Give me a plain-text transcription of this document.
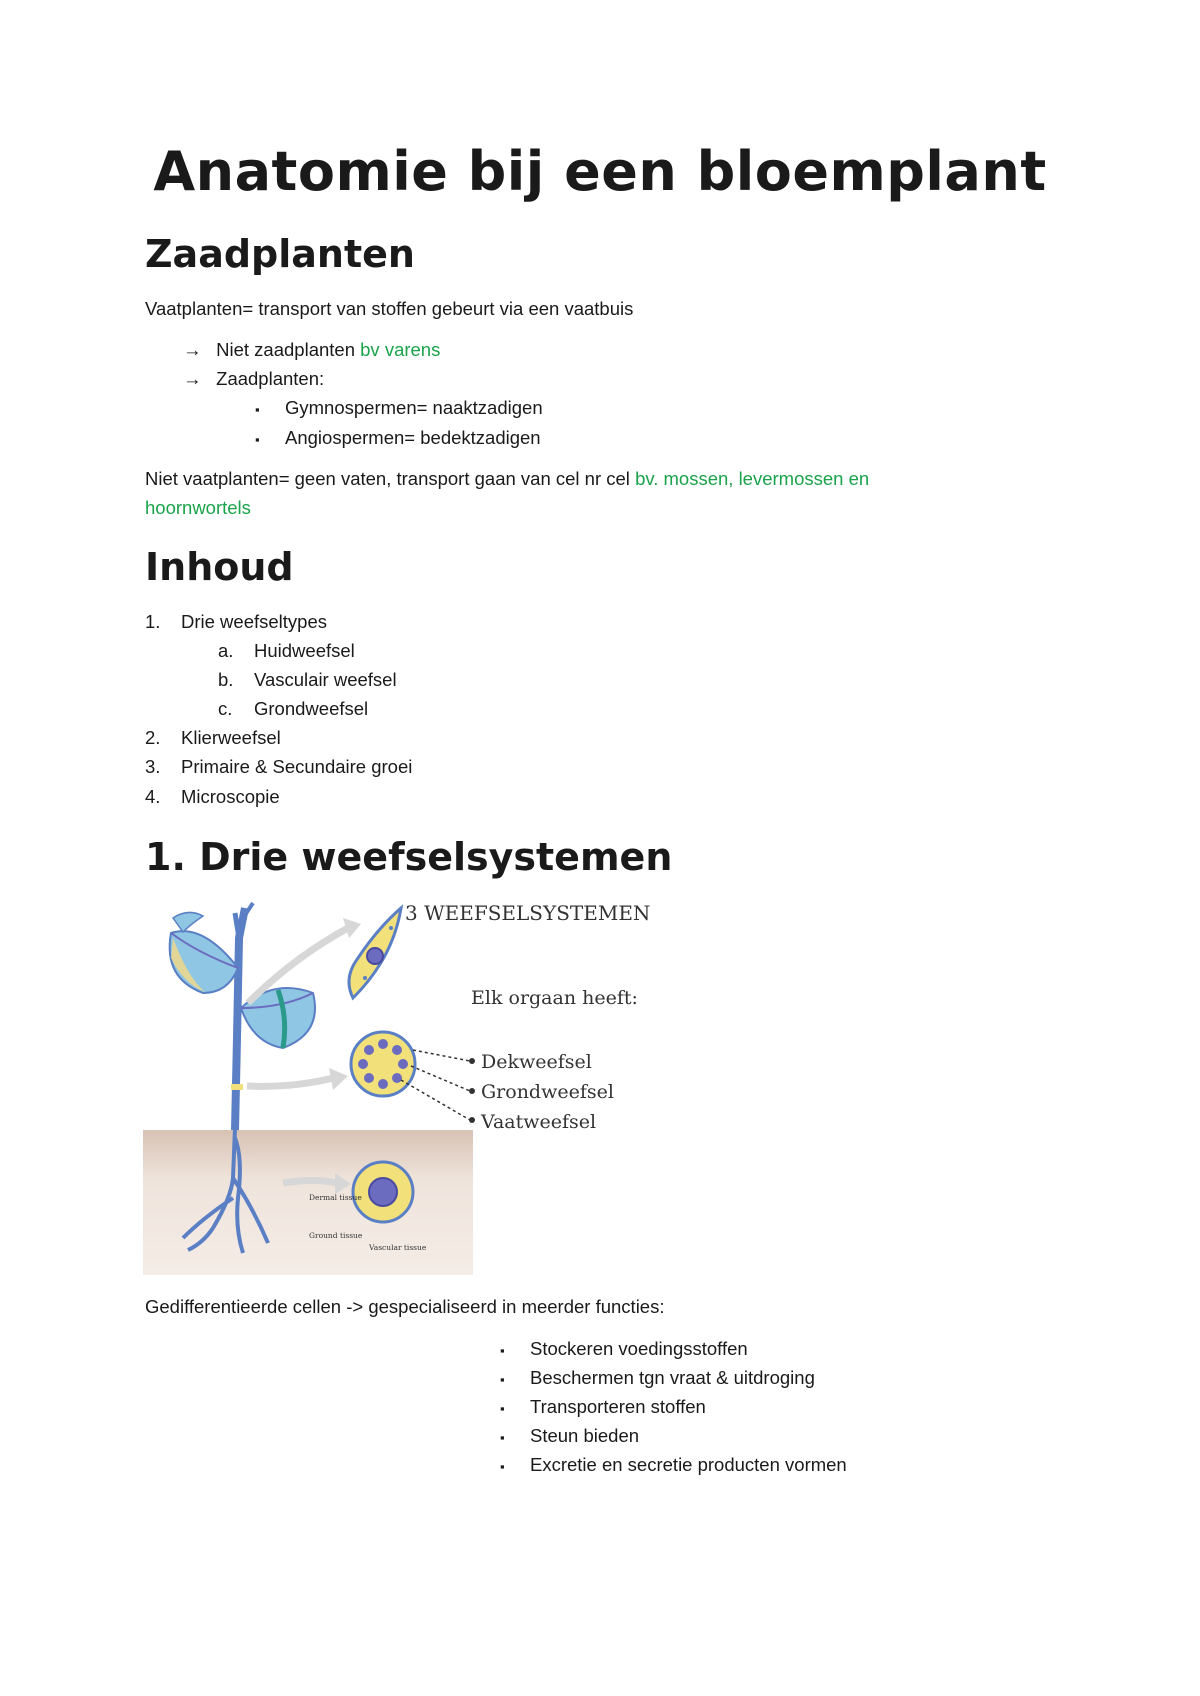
Anatomie bij een bloemplant
Zaadplanten
Vaatplanten= transport van stoffen gebeurt via een vaatbuis
→ Niet zaadplanten bv varens
→ Zaadplanten:
▪ Gymnospermen= naaktzadigen
▪ Angiospermen= bedektzadigen
Niet vaatplanten= geen vaten, transport gaan van cel nr cel bv. mossen, levermossen en
hoornwortels
Inhoud
1. Drie weefseltypes
a. Huidweefsel
b. Vasculair weefsel
c. Grondweefsel
2. Klierweefsel
3. Primaire & Secundaire groei
4. Microscopie
1. Drie weefselsystemen
3 WEEFSELSYSTEMEN
Elk orgaan heeft:
Dekweefsel
Grondweefsel
Vaatweefsel
Dermal tissue
Ground tissue
Vascular tissue
Gedifferentieerde cellen -> gespecialiseerd in meerder functies:
▪ Stockeren voedingsstoffen
▪ Beschermen tgn vraat & uitdroging
▪ Transporteren stoffen
▪ Steun bieden
▪ Excretie en secretie producten vormen
